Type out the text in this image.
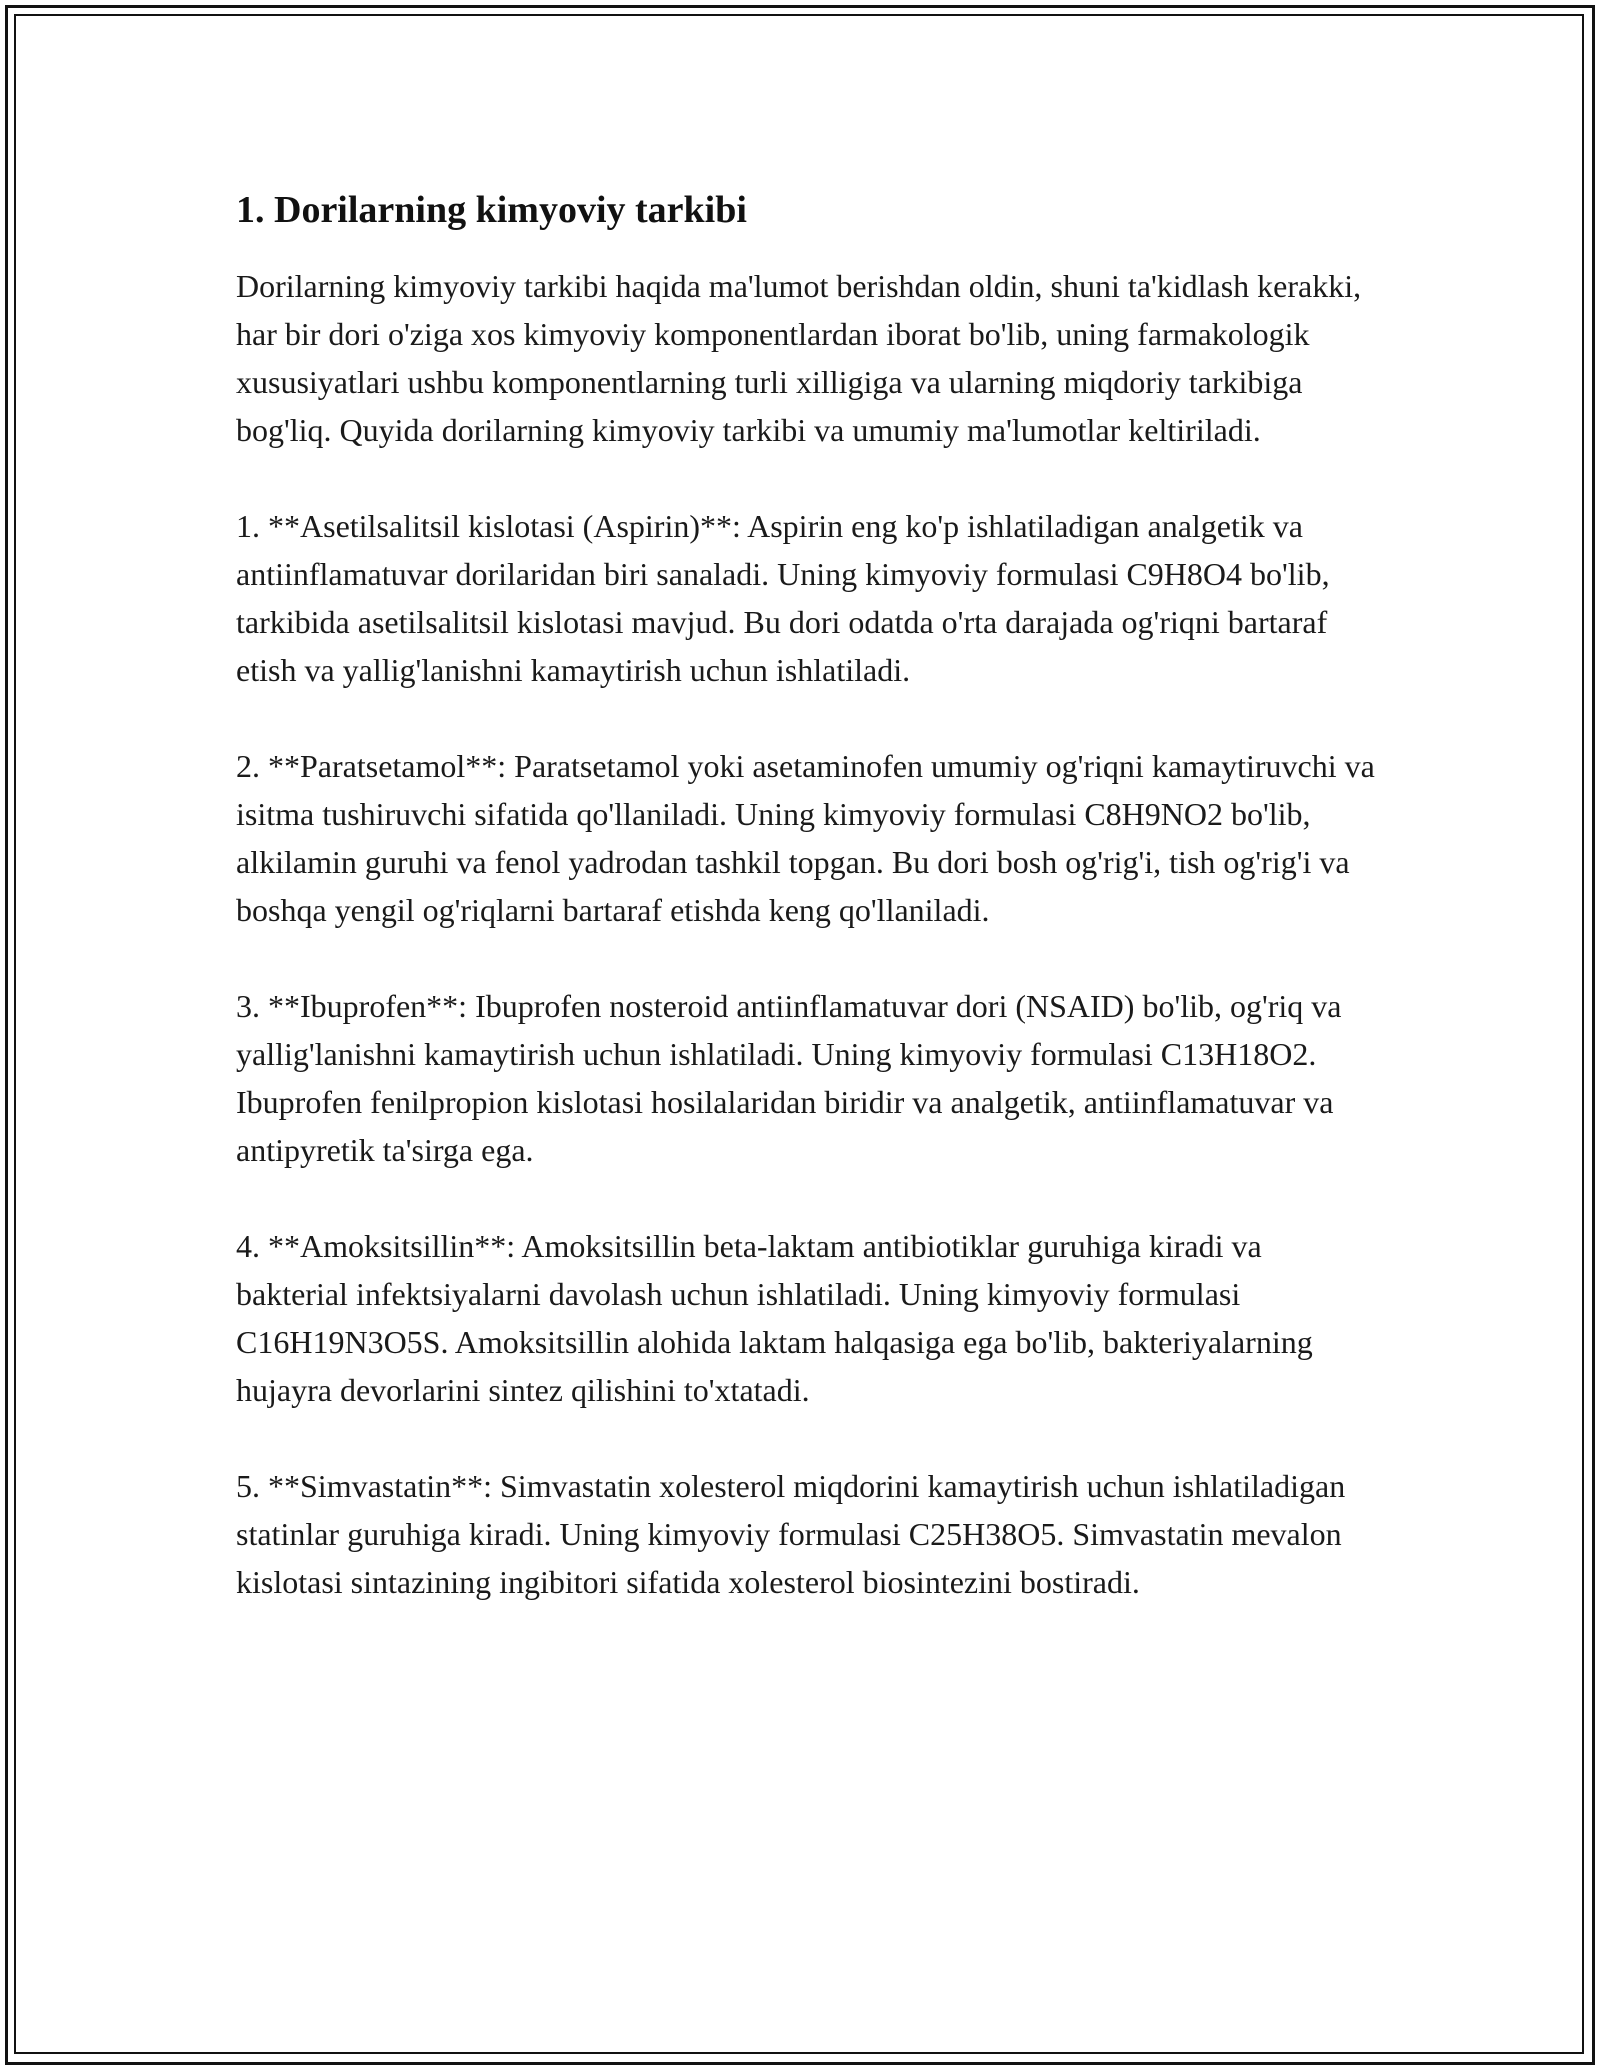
1. Dorilarning kimyoviy tarkibi

Dorilarning kimyoviy tarkibi haqida ma'lumot berishdan oldin, shuni ta'kidlash kerakki, har bir dori o'ziga xos kimyoviy komponentlardan iborat bo'lib, uning farmakologik xususiyatlari ushbu komponentlarning turli xilligiga va ularning miqdoriy tarkibiga bog'liq. Quyida dorilarning kimyoviy tarkibi va umumiy ma'lumotlar keltiriladi.

1. **Asetilsalitsil kislotasi (Aspirin)**: Aspirin eng ko'p ishlatiladigan analgetik va antiinflamatuvar dorilaridan biri sanaladi. Uning kimyoviy formulasi C9H8O4 bo'lib, tarkibida asetilsalitsil kislotasi mavjud. Bu dori odatda o'rta darajada og'riqni bartaraf etish va yallig'lanishni kamaytirish uchun ishlatiladi.

2. **Paratsetamol**: Paratsetamol yoki asetaminofen umumiy og'riqni kamaytiruvchi va isitma tushiruvchi sifatida qo'llaniladi. Uning kimyoviy formulasi C8H9NO2 bo'lib, alkilamin guruhi va fenol yadrodan tashkil topgan. Bu dori bosh og'rig'i, tish og'rig'i va boshqa yengil og'riqlarni bartaraf etishda keng qo'llaniladi.

3. **Ibuprofen**: Ibuprofen nosteroid antiinflamatuvar dori (NSAID) bo'lib, og'riq va yallig'lanishni kamaytirish uchun ishlatiladi. Uning kimyoviy formulasi C13H18O2. Ibuprofen fenilpropion kislotasi hosilalaridan biridir va analgetik, antiinflamatuvar va antipyretik ta'sirga ega.

4. **Amoksitsillin**: Amoksitsillin beta-laktam antibiotiklar guruhiga kiradi va bakterial infektsiyalarni davolash uchun ishlatiladi. Uning kimyoviy formulasi C16H19N3O5S. Amoksitsillin alohida laktam halqasiga ega bo'lib, bakteriyalarning hujayra devorlarini sintez qilishini to'xtatadi.

5. **Simvastatin**: Simvastatin xolesterol miqdorini kamaytirish uchun ishlatiladigan statinlar guruhiga kiradi. Uning kimyoviy formulasi C25H38O5. Simvastatin mevalon kislotasi sintazining ingibitori sifatida xolesterol biosintezini bostiradi.
